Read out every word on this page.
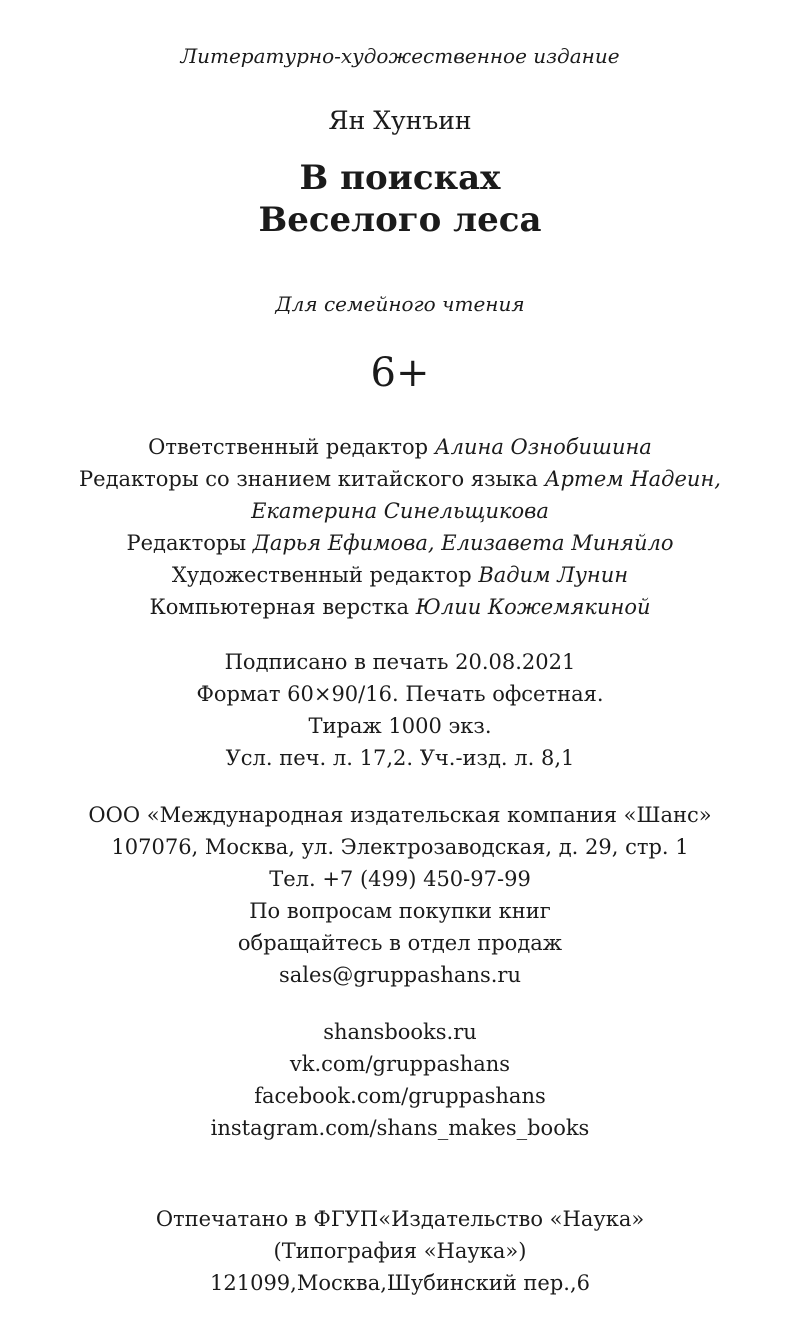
Литературно-художественное издание
Ян Хунъин
В поисках
Веселого леса
Для семейного чтения
6+
Ответственный редактор Алина Ознобишина
Редакторы со знанием китайского языка Артем Надеин,
Екатерина Синельщикова
Редакторы Дарья Ефимова, Елизавета Миняйло
Художественный редактор Вадим Лунин
Компьютерная верстка Юлии Кожемякиной
Подписано в печать 20.08.2021
Формат 60×90/16. Печать офсетная.
Тираж 1000 экз.
Усл. печ. л. 17,2. Уч.-изд. л. 8,1
ООО «Международная издательская компания «Шанс»
107076, Москва, ул. Электрозаводская, д. 29, стр. 1
Тел. +7 (499) 450-97-99
По вопросам покупки книг
обращайтесь в отдел продаж
sales@gruppashans.ru
shansbooks.ru
vk.com/gruppashans
facebook.com/gruppashans
instagram.com/shans_makes_books
Отпечатано в ФГУП«Издательство «Наука»
(Типография «Наука»)
121099,Москва,Шубинский пер.,6
